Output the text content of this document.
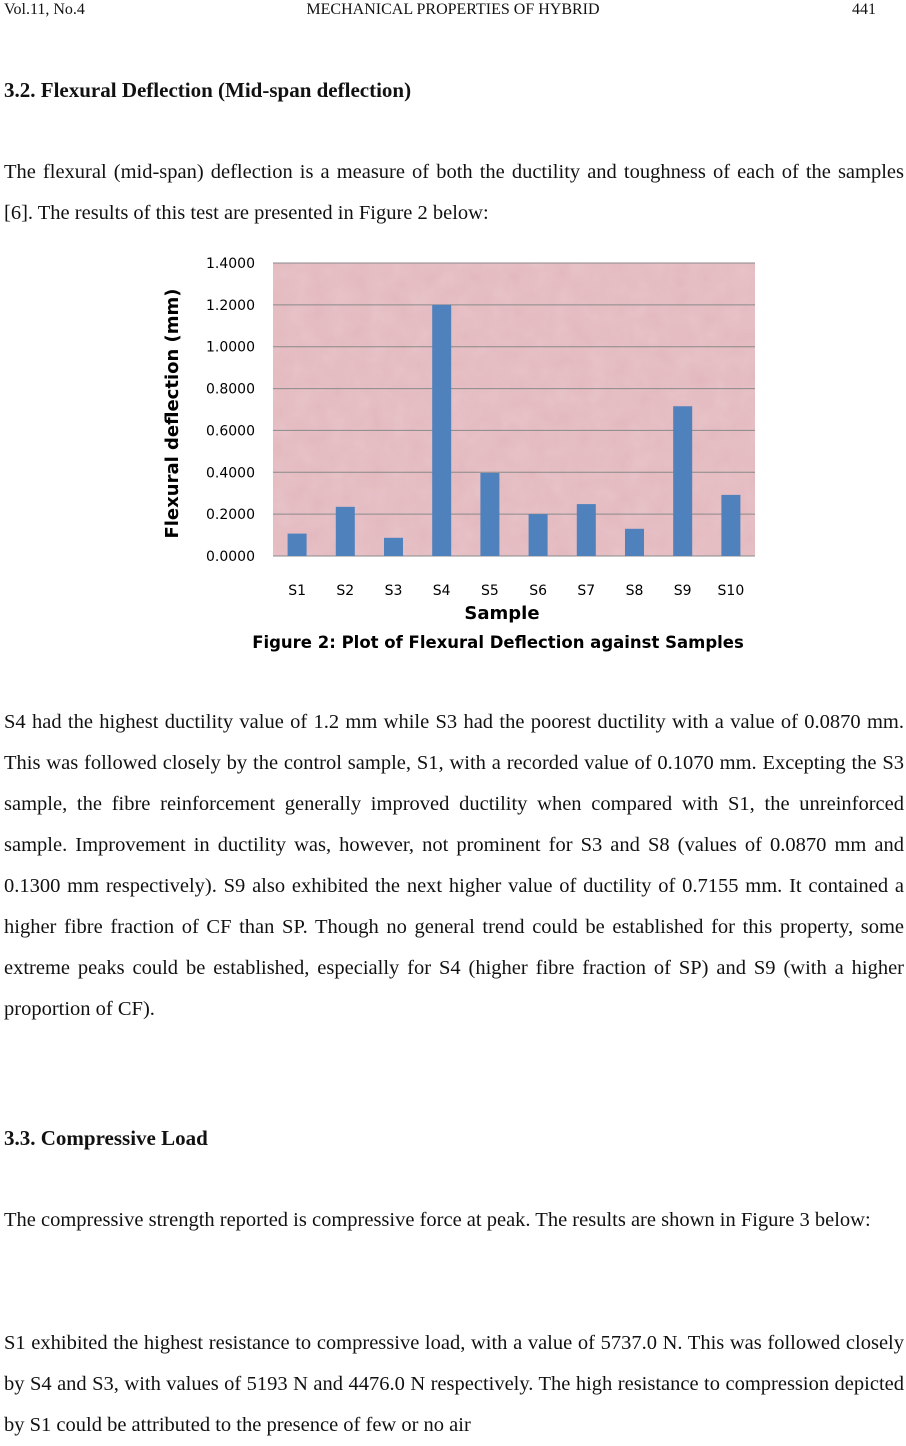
Vol.11, No.4	MECHANICAL PROPERTIES OF HYBRID	441
3.2. Flexural Deflection (Mid-span deflection)

The flexural (mid-span) deflection is a measure of both the ductility and toughness of each of the samples [6]. The results of this test are presented in Figure 2 below:

0.0000
0.2000
0.4000
0.6000
0.8000
1.0000
1.2000
1.4000
S1 S2 S3 S4 S5 S6 S7 S8 S9 S10
Flexural deflection (mm)
Sample
Figure 2: Plot of Flexural Deflection against Samples

S4 had the highest ductility value of 1.2 mm while S3 had the poorest ductility with a value of 0.0870 mm. This was followed closely by the control sample, S1, with a recorded value of 0.1070 mm. Excepting the S3 sample, the fibre reinforcement generally improved ductility when compared with S1, the unreinforced sample. Improvement in ductility was, however, not prominent for S3 and S8 (values of 0.0870 mm and 0.1300 mm respectively). S9 also exhibited the next higher value of ductility of 0.7155 mm. It contained a higher fibre fraction of CF than SP. Though no general trend could be established for this property, some extreme peaks could be established, especially for S4 (higher fibre fraction of SP) and S9 (with a higher proportion of CF).

3.3. Compressive Load

The compressive strength reported is compressive force at peak. The results are shown in Figure 3 below:

S1 exhibited the highest resistance to compressive load, with a value of 5737.0 N. This was followed closely by S4 and S3, with values of 5193 N and 4476.0 N respectively. The high resistance to compression depicted by S1 could be attributed to the presence of few or no air
